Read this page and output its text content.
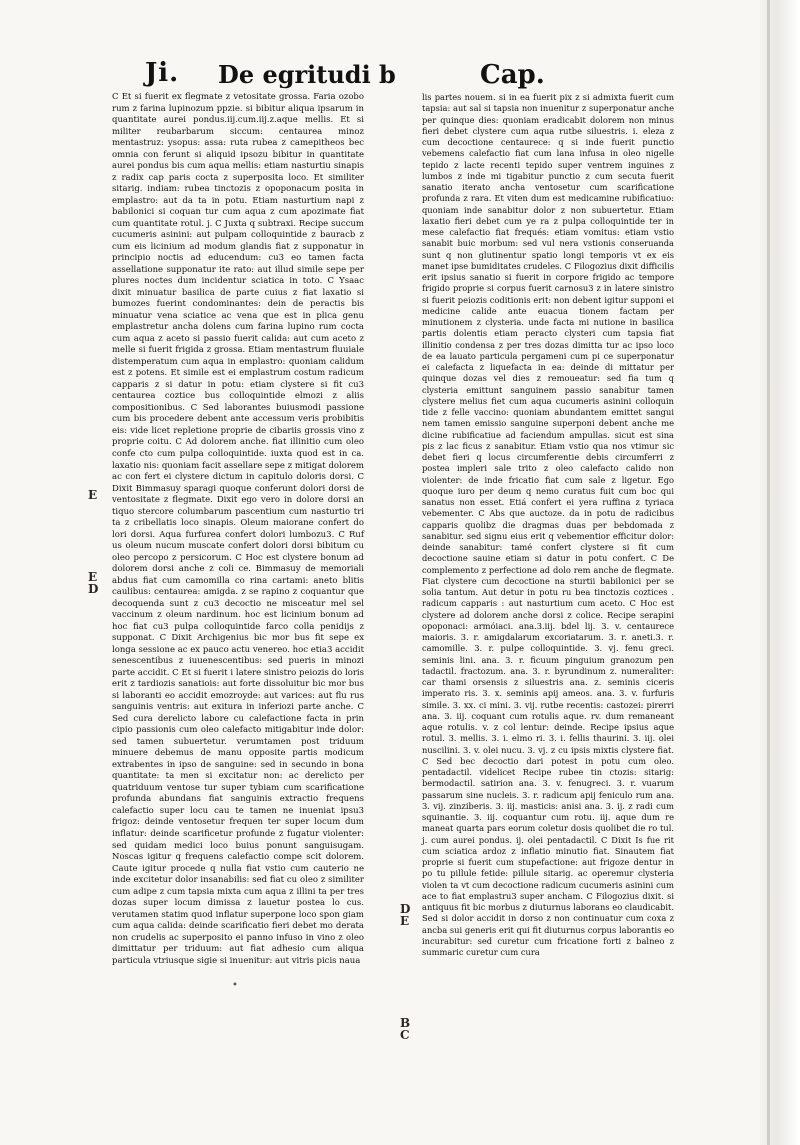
Ji. De egritudi b	Cap.

C Et si fuerit ex flegmate z vetositate grossa. Faria ozobo rum z farina lupinozum ppzie. si bibitur aliqua ipsarum in quantitate aurei pondus.iij.cum.iij.z.aque mellis. Et si militer reubarbarum siccum: centaurea minoz mentastruz: ysopus: assa: ruta rubea z camepitheos bec omnia con ferunt si aliquid ipsozu bibitur in quantitate aurei pondus bis cum aqua mellis: etiam nasturtiu sinapis z radix cap paris cocta z superposita loco. Et similiter sitarig. indiam: rubea tinctozis z opoponacum posita in emplastro: aut da ta in potu. Etiam nasturtium napi z babilonici si coquan tur cum aqua z cum apozimate fiat cum quantitate rotul. j. C Juxta q subtraxi. Recipe succum cucumeris asinini: aut pulpam colloquintide z bauracb z cum eis licinium ad modum glandis fiat z supponatur in principio noctis ad educendum: cu3 eo tamen facta assellatione supponatur ite rato: aut illud simile sepe per plures noctes dum incidentur sciatica in toto. C Ysaac dixit minuatur basilica de parte cuius z fiat laxatio si bumozes fuerint condominantes: dein de peractis bis minuatur vena sciatice ac vena que est in plica genu emplastretur ancha dolens cum farina lupino rum cocta cum aqua z aceto si passio fuerit calida: aut cum aceto z melle si fuerit frigida z grossa. Etiam mentastrum fluuiale distemperatum cum aqua in emplastro: quoniam calidum est z potens. Et simile est ei emplastrum costum radicum capparis z si datur in potu: etiam clystere si fit cu3 centaurea coztice bus colloquintide elmozi z aliis compositionibus. C Sed laborantes buiusmodi passione cum bis procedere debent ante accessum veris probibitis eis: vide licet repletione proprie de cibariis grossis vino z proprie coitu. C Ad dolorem anche. fiat illinitio cum oleo confe cto cum pulpa colloquintide. iuxta quod est in ca. laxatio nis: quoniam facit assellare sepe z mitigat dolorem ac con fert ei clystere dictum in capitulo doloris dorsi. C Dixit Bimmasuy sparagi quoque conferunt dolori dorsi de ventositate z flegmate. Dixit ego vero in dolore dorsi an tiquo stercore columbarum pascentium cum nasturtio tri ta z cribellatis loco sinapis. Oleum maiorane confert do lori dorsi. Aqua furfurea confert dolori lumbozu3. C Ruf us oleum nucum muscate confert dolori dorsi bibitum cu oleo percopo z persicorum. C Hoc est clystere bonum ad dolorem dorsi anche z coli ce. Bimmasuy de memoriali abdus fiat cum camomilla co rina cartami: aneto blitis caulibus: centaurea: amigda. z se rapino z coquantur que decoquenda sunt z cu3 decoctio ne misceatur mel sel vaccinum z oleum nardinum. hoc est licinium bonum ad hoc fiat cu3 pulpa colloquintide farco colla penidijs z supponat. C Dixit Archigenius bic mor bus fit sepe ex longa sessione ac ex pauco actu venereo. hoc etia3 accidit senescentibus z iuuenescentibus: sed pueris in minozi parte accidit. C Et si fuerit i latere sinistro peiozis do loris erit z tardiozis sanatiois: aut forte dissoluitur bic mor bus si laboranti eo accidit emozroyde: aut varices: aut flu rus sanguinis ventris: aut exitura in inferiozi parte anche. C Sed cura derelicto labore cu calefactione facta in prin cipio passionis cum oleo calefacto mitigabitur inde dolor: sed tamen subuertetur. verumtamen post triduum minuere debemus de manu opposite partis modicum extrabentes in ipso de sanguine: sed in secundo in bona quantitate: ta men si excitatur non: ac derelicto per quatriduum ventose tur super tybiam cum scarificatione profunda abundans fiat sanguinis extractio frequens calefactio super locu cau te tamen ne inueniat ipsu3 frigoz: deinde ventosetur frequen ter super locum dum inflatur: deinde scarificetur profunde z fugatur violenter: sed quidam medici loco buius ponunt sanguisugam. Noscas igitur q frequens calefactio compe scit dolorem. Caute igitur procede q nulla fiat vstio cum cauterio ne inde excitetur dolor insanabilis: sed fiat cu oleo z similiter cum adipe z cum tapsia mixta cum aqua z illini ta per tres dozas super locum dimissa z lauetur postea lo cus. verutamen statim quod inflatur superpone loco spon giam cum aqua calida: deinde scarificatio fieri debet mo derata non crudelis ac superposito ei panno infuso in vino z oleo dimittatur per triduum: aut fiat adhesio cum aliqua particula vtriusque sigie si inuenitur: aut vitris picis naua

lis partes nouem. si in ea fuerit pix z si admixta fuerit cum tapsia: aut sal si tapsia non inuenitur z superponatur anche per quinque dies: quoniam eradicabit dolorem non minus fieri debet clystere cum aqua rutbe siluestris. i. eleza z cum decoctione centaurece: q si inde fuerit punctio vebemens calefactio fiat cum lana infusa in oleo nigelle tepido z lacte recenti tepido super ventrem inguines z lumbos z inde mi tigabitur punctio z cum secuta fuerit sanatio iterato ancha ventosetur cum scarificatione profunda z rara. Et viten dum est medicamine rubificatiuo: quoniam inde sanabitur dolor z non subuertetur. Etiam laxatio fieri debet cum ye ra z pulpa colloquintide ter in mese calefactio fiat frequés: etiam vomitus: etiam vstio sanabit buic morbum: sed vul nera vstionis conseruanda sunt q non glutinentur spatio longi temporis vt ex eis manet ipse bumiditates crudeles. C Filogozius dixit difficilis erit ipsius sanatio si fuerit in corpore frigido ac tempore frigido proprie si corpus fuerit carnosu3 z in latere sinistro si fuerit peiozis coditionis erit: non debent igitur supponi ei medicine calide ante euacua tionem factam per minutionem z clysteria. unde facta mi nutione in basilica partis dolentis etiam peracto clysteri cum tapsia fiat illinitio condensa z per tres dozas dimitta tur ac ipso loco de ea lauato particula pergameni cum pi ce superponatur ei calefacta z liquefacta in ea: deinde di mittatur per quinque dozas vel dies z remoueatur: sed fia tum q clysteria emittunt sanguinem passio sanabitur tamen clystere melius fiet cum aqua cucumeris asinini colloquin tide z felle vaccino: quoniam abundantem emittet sangui nem tamen emissio sanguine superponi debent anche me dicine rubificatiue ad faciendum ampullas. sicut est sina pis z lac ficus z sanabitur. Etiam vstio qua nos vtimur sic debet fieri q locus circumferentie debis circumferri z postea impleri sale trito z oleo calefacto calido non violenter: de inde fricatio fiat cum sale z ligetur. Ego quoque iuro per deum q nemo curatus fuit cum boc qui sanatus non esset. Etiá confert ei yera ruffina z tyriaca vebementer. C Abs que auctoze. da in potu de radicibus capparis quolibz die dragmas duas per bebdomada z sanabitur. sed signu eius erit q vebementior efficitur dolor: deinde sanabitur: tamé confert clystere si fit cum decoctione sauine etiam si datur in potu confert. C De complemento z perfectione ad dolo rem anche de flegmate. Fiat clystere cum decoctione na sturtii babilonici per se solia tantum. Aut detur in potu ru bea tinctozis coztices . radicum capparis : aut nasturtium cum aceto. C Hoc est clystere ad dolorem anche dorsi z colice. Recipe serapini opoponaci: armóiaci. ana.3.iij. bdel lij. 3. v. centaurece maioris. 3. r. amigdalarum excoriatarum. 3. r. aneti.3. r. camomille. 3. r. pulpe colloquintide. 3. vj. fenu greci. seminis lini. ana. 3. r. ficuum pinguium granozum pen tadactil. fractozum. ana. 3. r. byrundinum z. numeraliter: car thami orsensis z siluestris ana. z. seminis ciceris imperato ris. 3. x. seminis apij ameos. ana. 3. v. furfuris simile. 3. xx. ci mini. 3. vij. rutbe recentis: castozei: pirerri ana. 3. iij. coquant cum rotulis aque. rv. dum remaneant aque rotulis. v. z col lentur: deinde. Recipe ipsius aque rotul. 3. mellis. 3. i. elmo ri. 3. i. fellis thaurini. 3. iij. olei nuscilini. 3. v. olei nucu. 3. vj. z cu ipsis mixtis clystere fiat. C Sed bec decoctio dari potest in potu cum oleo. pentadactil. videlicet Recipe rubee tin ctozis: sitarig: bermodactil. satirion ana. 3. v. fenugreci. 3. r. vuarum passarum sine nucleis. 3. r. radicum apij feniculo rum ana. 3. vij. zinziberis. 3. iij. masticis: anisi ana. 3. ij. z radi cum squinantie. 3. iij. coquantur cum rotu. iij. aque dum re maneat quarta pars eorum coletur dosis quolibet die ro tul. j. cum aurei pondus. ij. olei pentadactil. C Dixit Is fue rit cum sciatica ardoz z inflatio minutio fiat. Sinautem fiat proprie si fuerit cum stupefactione: aut frigoze dentur in po tu pillule fetide: pillule sitarig. ac operemur clysteria violen ta vt cum decoctione radicum cucumeris asinini cum ace to fiat emplastru3 super ancham. C Filogozius dixit. si antiquus fit bic morbus z diuturnus laborans eo claudicabit. Sed si dolor accidit in dorso z non continuatur cum coxa z ancba sui generis erit qui fit diuturnus corpus laborantis eo incurabitur: sed curetur cum fricatione forti z balneo z summaric curetur cum cura

E
E
D
D
E
B
C
•
